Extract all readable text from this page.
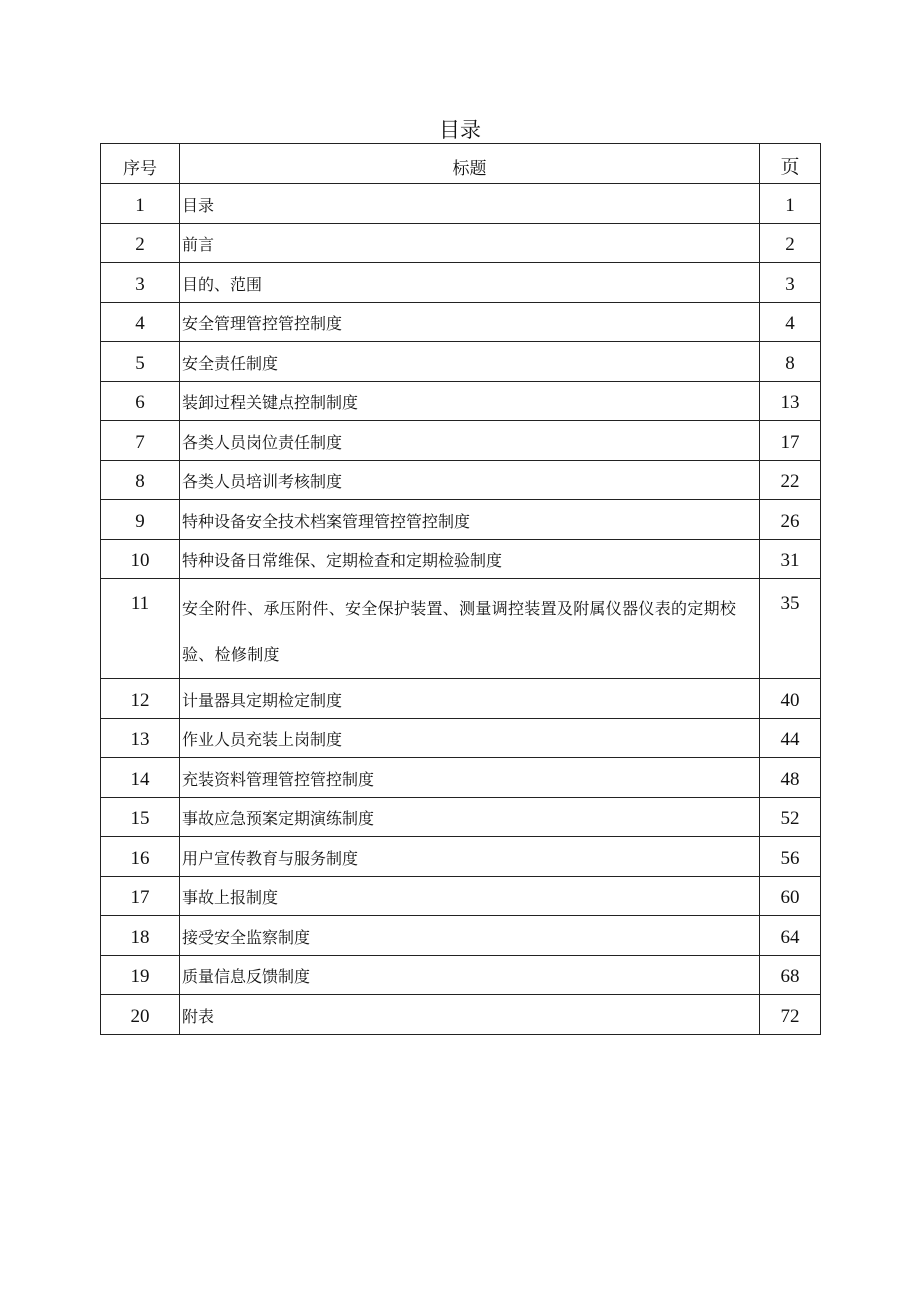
目录
序号	标题	页
1	目录	1
2	前言	2
3	目的、范围	3
4	安全管理管控管控制度	4
5	安全责任制度	8
6	装卸过程关键点控制制度	13
7	各类人员岗位责任制度	17
8	各类人员培训考核制度	22
9	特种设备安全技术档案管理管控管控制度	26
10	特种设备日常维保、定期检查和定期检验制度	31
11	安全附件、承压附件、安全保护装置、测量调控装置及附属仪器仪表的定期校验、检修制度	35
12	计量器具定期检定制度	40
13	作业人员充装上岗制度	44
14	充装资料管理管控管控制度	48
15	事故应急预案定期演练制度	52
16	用户宣传教育与服务制度	56
17	事故上报制度	60
18	接受安全监察制度	64
19	质量信息反馈制度	68
20	附表	72
